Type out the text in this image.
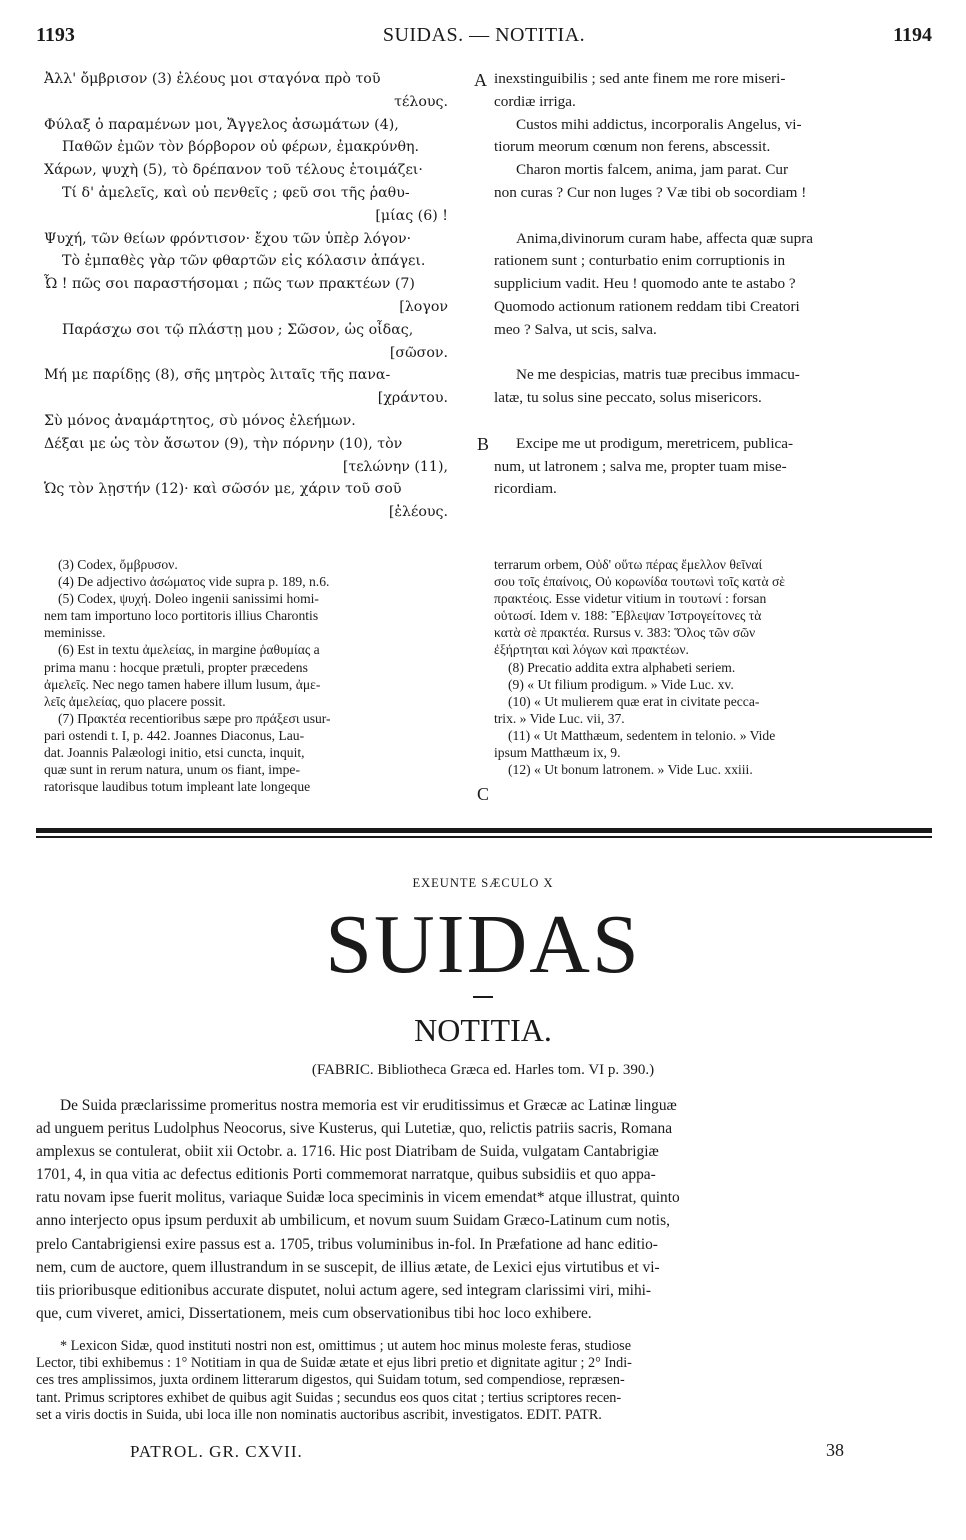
1193	SUIDAS. — NOTITIA.	1194
Ἀλλ' ὄμβρισον (3) ἐλέους μοι σταγόνα πρὸ τοῦ
τέλους.
Φύλαξ ὁ παραμένων μοι, Ἄγγελος ἀσωμάτων (4),
Παθῶν ἐμῶν τὸν βόρβορον οὐ φέρων, ἐμακρύνθη.
Χάρων, ψυχὴ (5), τὸ δρέπανον τοῦ τέλους ἑτοιμάζει·
Τί δ' ἀμελεῖς, καὶ οὐ πενθεῖς ; φεῦ σοι τῆς ῥαθυ-
[μίας (6) !
Ψυχή, τῶν θείων φρόντισον· ἔχου τῶν ὑπὲρ λόγον·
Τὸ ἐμπαθὲς γὰρ τῶν φθαρτῶν εἰς κόλασιν ἀπάγει.
Ὦ ! πῶς σοι παραστήσομαι ; πῶς των πρακτέων (7)
[λογον
Παράσχω σοι τῷ πλάστῃ μου ; Σῶσον, ὡς οἶδας,
[σῶσον.
Μή με παρίδῃς (8), σῆς μητρὸς λιταῖς τῆς πανα-
[χράντου.
Σὺ μόνος ἀναμάρτητος, σὺ μόνος ἐλεήμων.
Δέξαι με ὡς τὸν ἄσωτον (9), τὴν πόρνην (10), τὸν
[τελώνην (11),
Ὡς τὸν λῃστήν (12)· καὶ σῶσόν με, χάριν τοῦ σοῦ
[ἐλέους.
inexstinguibilis ; sed ante finem me rore miseri-
cordiæ irriga.
Custos mihi addictus, incorporalis Angelus, vi-
tiorum meorum cœnum non ferens, abscessit.
Charon mortis falcem, anima, jam parat. Cur
non curas ? Cur non luges ? Væ tibi ob socordiam !
Anima,divinorum curam habe, affecta quæ supra
rationem sunt ; conturbatio enim corruptionis in
supplicium vadit. Heu ! quomodo ante te astabo ?
Quomodo actionum rationem reddam tibi Creatori
meo ? Salva, ut scis, salva.
Ne me despicias, matris tuæ precibus immacu-
latæ, tu solus sine peccato, solus misericors.
Excipe me ut prodigum, meretricem, publica-
num, ut latronem ; salva me, propter tuam mise-
ricordiam.
A
B
C
(3) Codex, ὄμβρυσον.
(4) De adjectivo ἀσώματος vide supra p. 189, n.6.
(5) Codex, ψυχή. Doleo ingenii sanissimi homi-
nem tam importuno loco portitoris illius Charontis
meminisse.
(6) Est in textu ἀμελείας, in margine ῥαθυμίας a
prima manu : hocque prætuli, propter præcedens
ἀμελεῖς. Nec nego tamen habere illum lusum, ἀμε-
λεῖς ἀμελείας, quo placere possit.
(7) Πρακτέα recentioribus sæpe pro πράξεσι usur-
pari ostendi t. I, p. 442. Joannes Diaconus, Lau-
dat. Joannis Palæologi initio, etsi cuncta, inquit,
quæ sunt in rerum natura, unum os fiant, impe-
ratorisque laudibus totum impleant late longeque
terrarum orbem, Οὐδ' οὕτω πέρας ἔμελλον θεῖναί
σου τοῖς ἐπαίνοις, Οὐ κορωνίδα τουτωνὶ τοῖς κατὰ σὲ
πρακτέοις. Esse videtur vitium in τουτωνί : forsan
οὑτωσί. Idem v. 188: Ἔβλεψαν Ἰστρογείτονες τὰ
κατὰ σὲ πρακτέα. Rursus v. 383: Ὅλος τῶν σῶν
ἐξήρτηται καὶ λόγων καὶ πρακτέων.
(8) Precatio addita extra alphabeti seriem.
(9) « Ut filium prodigum. » Vide Luc. xv.
(10) « Ut mulierem quæ erat in civitate pecca-
trix. » Vide Luc. vii, 37.
(11) « Ut Matthæum, sedentem in telonio. » Vide
ipsum Matthæum ix, 9.
(12) « Ut bonum latronem. » Vide Luc. xxiii.
EXEUNTE SÆCULO X
SUIDAS
NOTITIA.
(FABRIC. Bibliotheca Græca ed. Harles tom. VI p. 390.)
De Suida præclarissime promeritus nostra memoria est vir eruditissimus et Græcæ ac Latinæ linguæ
ad unguem peritus Ludolphus Neocorus, sive Kusterus, qui Lutetiæ, quo, relictis patriis sacris, Romana
amplexus se contulerat, obiit xii Octobr. a. 1716. Hic post Diatribam de Suida, vulgatam Cantabrigiæ
1701, 4, in qua vitia ac defectus editionis Porti commemorat narratque, quibus subsidiis et quo appa-
ratu novam ipse fuerit molitus, variaque Suidæ loca speciminis in vicem emendat* atque illustrat, quinto
anno interjecto opus ipsum perduxit ab umbilicum, et novum suum Suidam Græco-Latinum cum notis,
prelo Cantabrigiensi exire passus est a. 1705, tribus voluminibus in-fol. In Præfatione ad hanc editio-
nem, cum de auctore, quem illustrandum in se suscepit, de illius ætate, de Lexici ejus virtutibus et vi-
tiis prioribusque editionibus accurate disputet, nolui actum agere, sed integram clarissimi viri, mihi-
que, cum viveret, amici, Dissertationem, meis cum observationibus tibi hoc loco exhibere.
* Lexicon Sidæ, quod instituti nostri non est, omittimus ; ut autem hoc minus moleste feras, studiose
Lector, tibi exhibemus : 1° Notitiam in qua de Suidæ ætate et ejus libri pretio et dignitate agitur ; 2° Indi-
ces tres amplissimos, juxta ordinem litterarum digestos, qui Suidam totum, sed compendiose, repræsen-
tant. Primus scriptores exhibet de quibus agit Suidas ; secundus eos quos citat ; tertius scriptores recen-
set a viris doctis in Suida, ubi loca ille non nominatis auctoribus ascribit, investigatos. EDIT. PATR.
PATROL. GR. CXVII.	38
